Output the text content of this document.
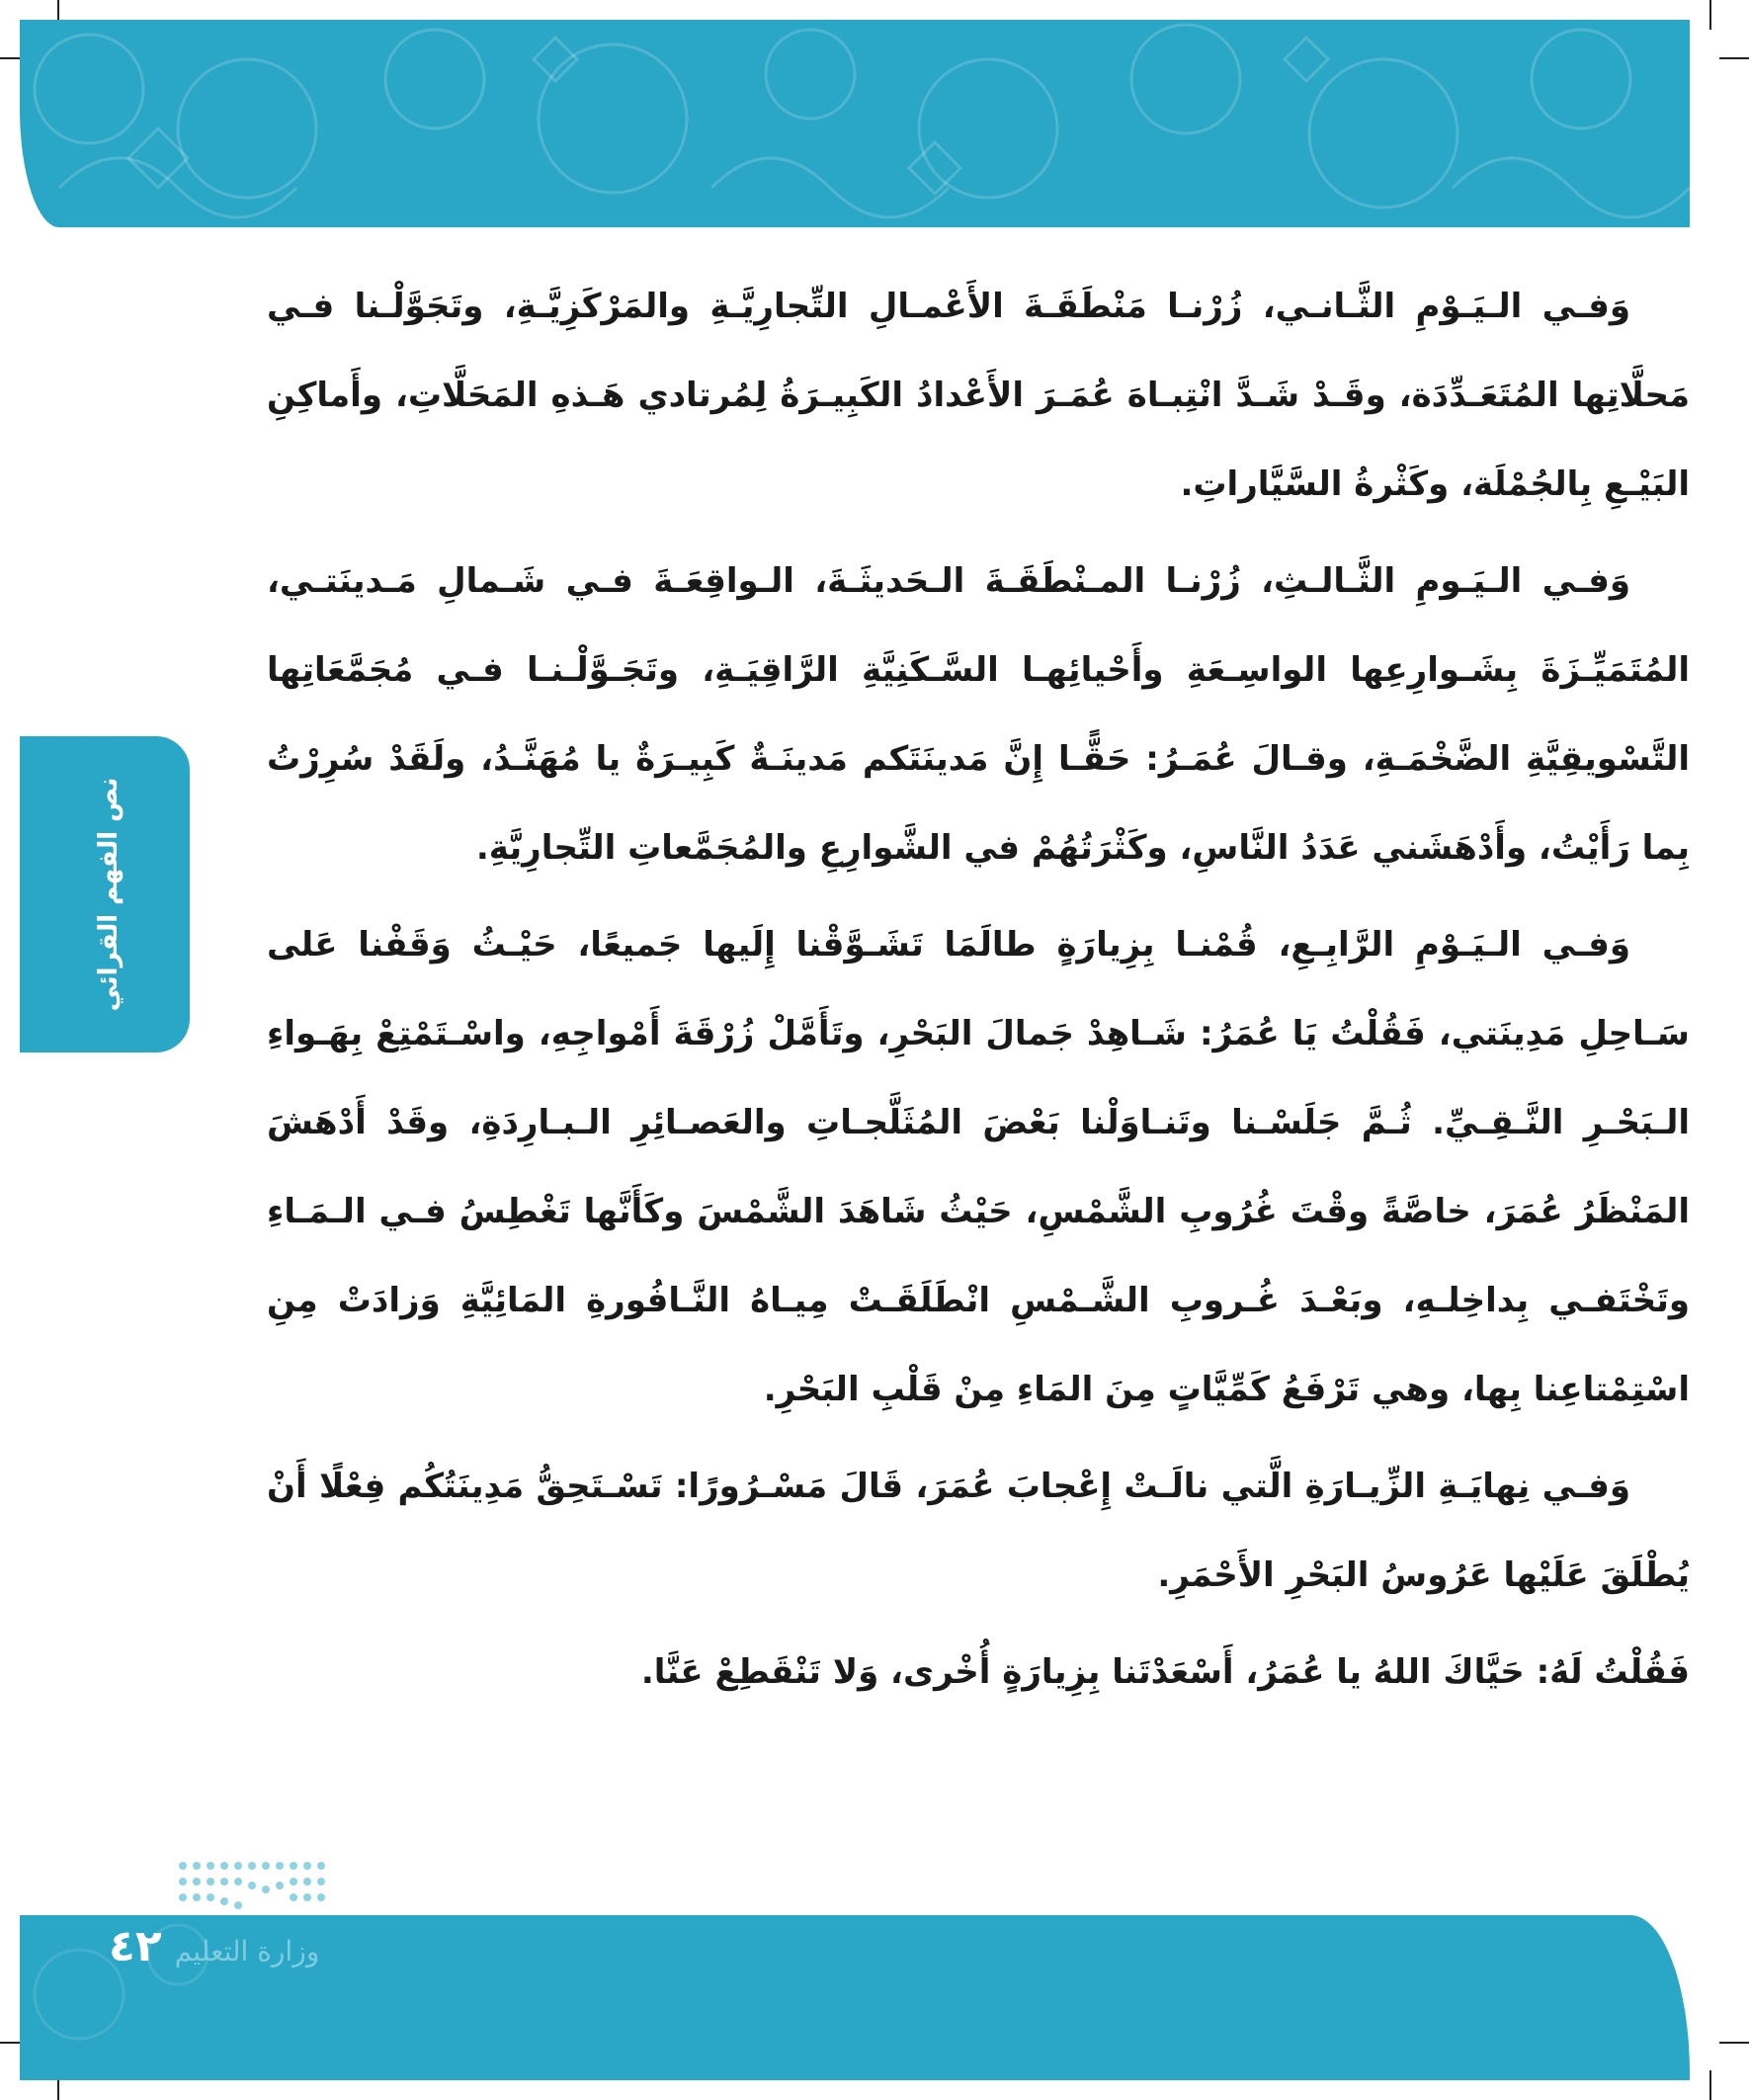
نص الفهم القرائي

وَفـي الـيَـوْمِ الثَّـانـي، زُرْنـا مَنْطَقَـةَ الأَعْمـالِ التِّجارِيَّـةِ والمَرْكَزِيَّـةِ، وتَجَوَّلْـنا فـي مَحلَّاتِها المُتَعَـدِّدَة، وقَـدْ شَـدَّ انْتِبـاهَ عُمَـرَ الأَعْدادُ الكَبِيـرَةُ لِمُرتادي هَـذهِ المَحَلَّاتِ، وأَماكِنِ البَيْـعِ بِالجُمْلَة، وكَثْرةُ السَّيَّاراتِ.

وَفـي الـيَـومِ الثَّـالـثِ، زُرْنـا المـنْطَقَـةَ الـحَديثَـةَ، الـواقِعَـةَ فـي شَـمالِ مَـدينَتـي، المُتَمَيِّـزَةَ بِشَـوارِعِها الواسِـعَةِ وأَحْيائِهـا السَّـكَنِيَّةِ الرَّاقِيَـةِ، وتَجَـوَّلْـنـا فـي مُجَمَّعَاتِها التَّسْويقِيَّةِ الضَّخْمَـةِ، وقـالَ عُمَـرُ: حَقًّـا إِنَّ مَدينَتَكم مَدينَـةٌ كَبِيـرَةٌ يا مُهَنَّـدُ، ولَقَدْ سُرِرْتُ بِما رَأَيْتُ، وأَدْهَشَني عَدَدُ النَّاسِ، وكَثْرَتُهُمْ في الشَّوارِعِ والمُجَمَّعاتِ التِّجارِيَّةِ.

وَفـي الـيَـوْمِ الرَّابِـعِ، قُمْنـا بِزِيارَةٍ طالَمَا تَشَـوَّقْنا إِلَيها جَميعًا، حَيْـثُ وَقَفْنا عَلى سَـاحِلِ مَدِينَتي، فَقُلْتُ يَا عُمَرُ: شَـاهِدْ جَمالَ البَحْرِ، وتَأَمَّلْ زُرْقَةَ أَمْواجِهِ، واسْـتَمْتِعْ بِهَـواءِ الـبَحْـرِ النَّـقِـيِّ. ثُـمَّ جَلَسْـنا وتَنـاوَلْنا بَعْضَ المُثَلَّجـاتِ والعَصـائِرِ الـبـارِدَةِ، وقَدْ أَدْهَشَ المَنْظَرُ عُمَرَ، خاصَّةً وقْتَ غُرُوبِ الشَّمْسِ، حَيْثُ شَاهَدَ الشَّمْسَ وكَأَنَّها تَغْطِسُ فـي الـمَـاءِ وتَخْتَفـي بِداخِلـهِ، وبَعْـدَ غُـروبِ الشَّـمْسِ انْطَلَقَـتْ مِيـاهُ النَّـافُورةِ المَائِيَّةِ وَزادَتْ مِنِ اسْتِمْتاعِنا بِها، وهي تَرْفَعُ كَمِّيَّاتٍ مِنَ المَاءِ مِنْ قَلْبِ البَحْرِ.

وَفـي نِهايَـةِ الزِّيـارَةِ الَّتي نالَـتْ إِعْجابَ عُمَرَ، قَالَ مَسْـرُورًا: تَسْـتَحِقُّ مَدِينَتُكُم فِعْلًا أَنْ يُطْلَقَ عَلَيْها عَرُوسُ البَحْرِ الأَحْمَرِ.

فَقُلْتُ لَهُ: حَيَّاكَ اللهُ يا عُمَرُ، أَسْعَدْتَنا بِزِيارَةٍ أُخْرى، وَلا تَنْقَطِعْ عَنَّا.

وزارة التعليم
٤٢
